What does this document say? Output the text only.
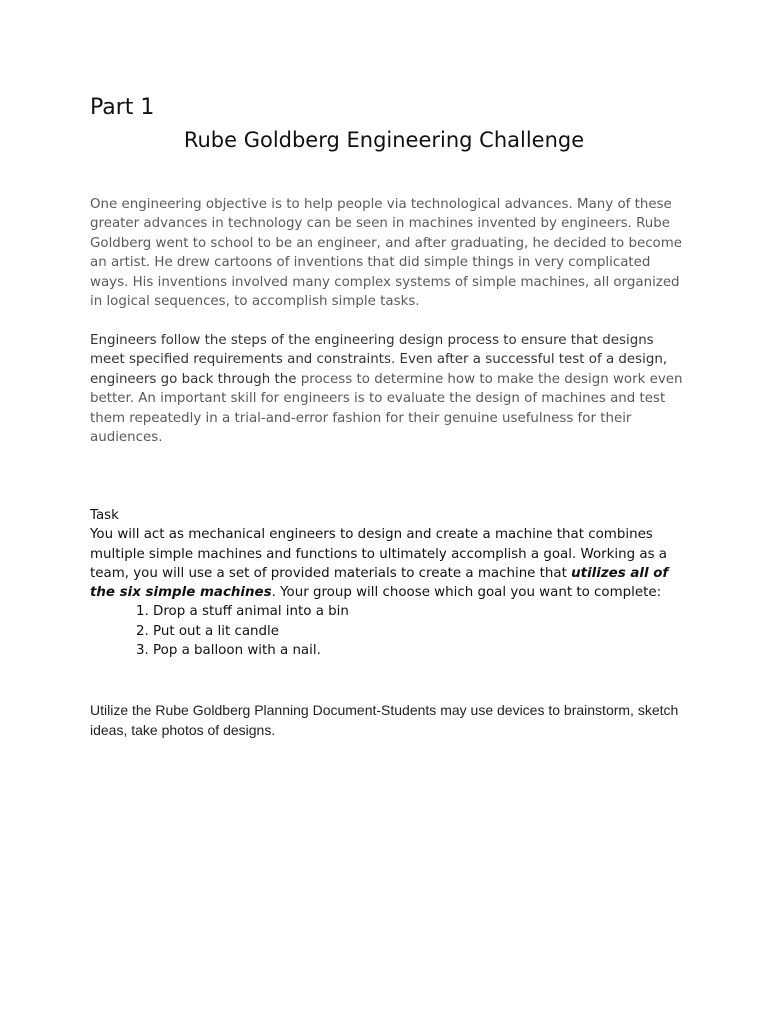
Part 1
Rube Goldberg Engineering Challenge

One engineering objective is to help people via technological advances. Many of these greater advances in technology can be seen in machines invented by engineers. Rube Goldberg went to school to be an engineer, and after graduating, he decided to become an artist. He drew cartoons of inventions that did simple things in very complicated ways. His inventions involved many complex systems of simple machines, all organized in logical sequences, to accomplish simple tasks.

Engineers follow the steps of the engineering design process to ensure that designs meet specified requirements and constraints. Even after a successful test of a design, engineers go back through the process to determine how to make the design work even better. An important skill for engineers is to evaluate the design of machines and test them repeatedly in a trial-and-error fashion for their genuine usefulness for their audiences.

Task

You will act as mechanical engineers to design and create a machine that combines multiple simple machines and functions to ultimately accomplish a goal. Working as a team, you will use a set of provided materials to create a machine that utilizes all of the six simple machines. Your group will choose which goal you want to complete:

1. Drop a stuff animal into a bin
2. Put out a lit candle
3. Pop a balloon with a nail.

Utilize the Rube Goldberg Planning Document-Students may use devices to brainstorm, sketch ideas, take photos of designs.
